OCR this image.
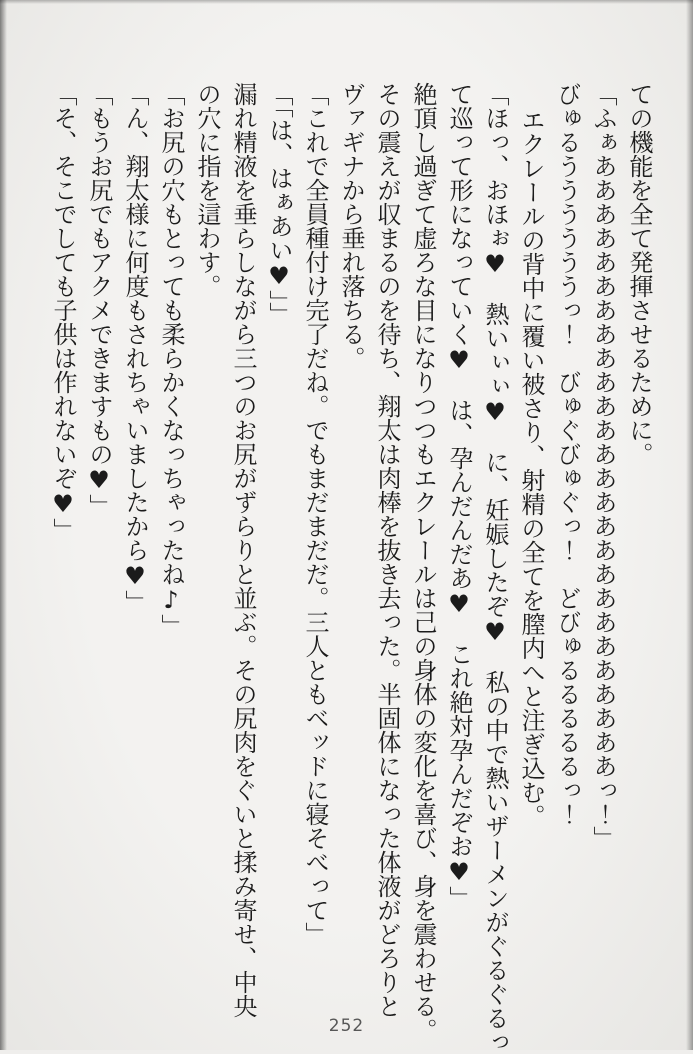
ての機能を全て発揮させるために。

「ふぁああああああああああああああああああああああああああっ！」

びゅるううううううっ！　びゅぐびゅぐっ！　どびゅるるるるるっ！

エクレールの背中に覆い被さり、射精の全てを膣内へと注ぎ込む。

「ほっ、おほぉ♥　熱いぃぃ♥　に、妊娠したぞ♥　私の中で熱いザーメンがぐるぐるっ

て巡って形になっていく♥　は、孕んだんだあ♥　これ絶対孕んだぞお♥」

絶頂し過ぎて虚ろな目になりつつもエクレールは己の身体の変化を喜び、身を震わせる。

その震えが収まるのを待ち、翔太は肉棒を抜き去った。半固体になった体液がどろりと

ヴァギナから垂れ落ちる。

「これで全員種付け完了だね。でもまだまだだ。三人ともベッドに寝そべって」

「「は、はぁあい♥」」

漏れ精液を垂らしながら三つのお尻がずらりと並ぶ。その尻肉をぐいと揉み寄せ、中央

の穴に指を這わす。

「お尻の穴もとっても柔らかくなっちゃったね♪」

「ん、翔太様に何度もされちゃいましたから♥」

「もうお尻でもアクメできますもの♥」

「そ、そこでしても子供は作れないぞ♥」

252
